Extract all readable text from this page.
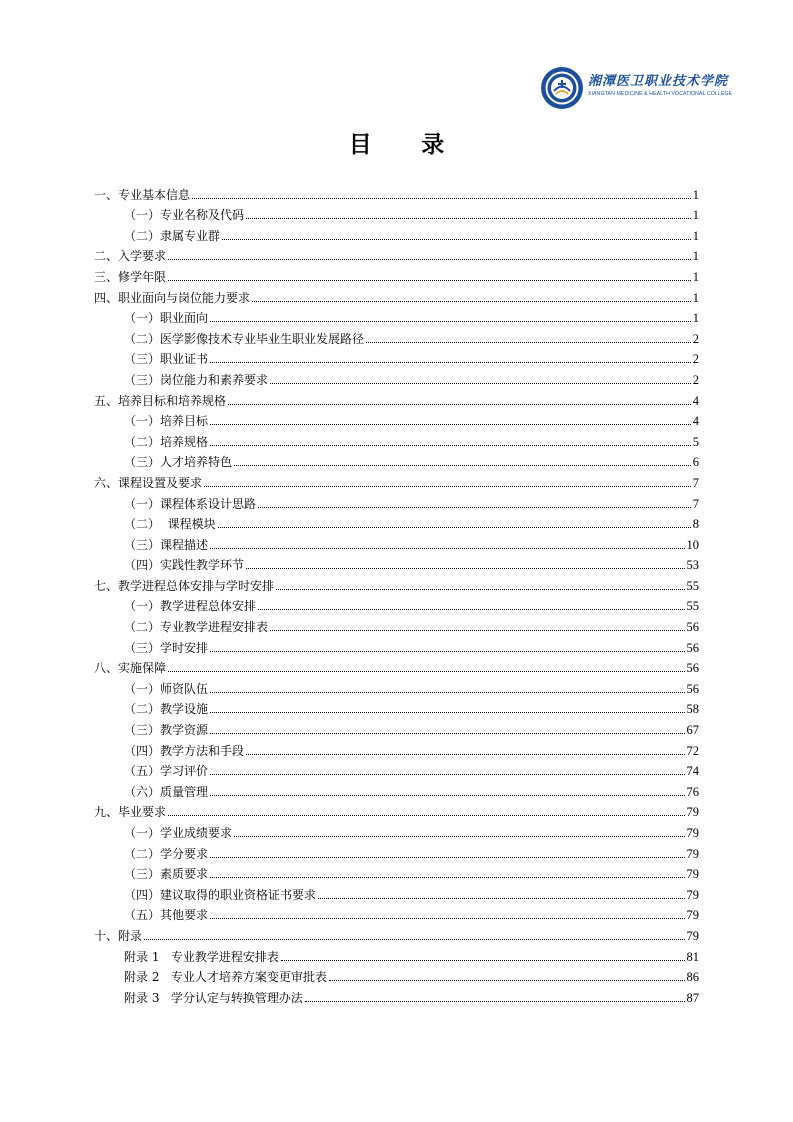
湘潭医卫职业技术学院
XIANGTAN MEDICINE & HEALTH VOCATIONAL COLLEGE
目 录
一、专业基本信息	1
（一）专业名称及代码	1
（二）隶属专业群	1
二、入学要求	1
三、修学年限	1
四、职业面向与岗位能力要求	1
（一）职业面向	1
（二）医学影像技术专业毕业生职业发展路径	2
（三）职业证书	2
（三）岗位能力和素养要求	2
五、培养目标和培养规格	4
（一）培养目标	4
（二）培养规格	5
（三）人才培养特色	6
六、课程设置及要求	7
（一）课程体系设计思路	7
（二）  课程模块	8
（三）课程描述	10
（四）实践性教学环节	53
七、教学进程总体安排与学时安排	55
（一）教学进程总体安排	55
（二）专业教学进程安排表	56
（三）学时安排	56
八、实施保障	56
（一）师资队伍	56
（二）教学设施	58
（三）教学资源	67
（四）教学方法和手段	72
（五）学习评价	74
（六）质量管理	76
九、毕业要求	79
（一）学业成绩要求	79
（二）学分要求	79
（三）素质要求	79
（四）建议取得的职业资格证书要求	79
（五）其他要求	79
十、附录	79
附录 1   专业教学进程安排表	81
附录 2   专业人才培养方案变更审批表	86
附录 3   学分认定与转换管理办法	87
